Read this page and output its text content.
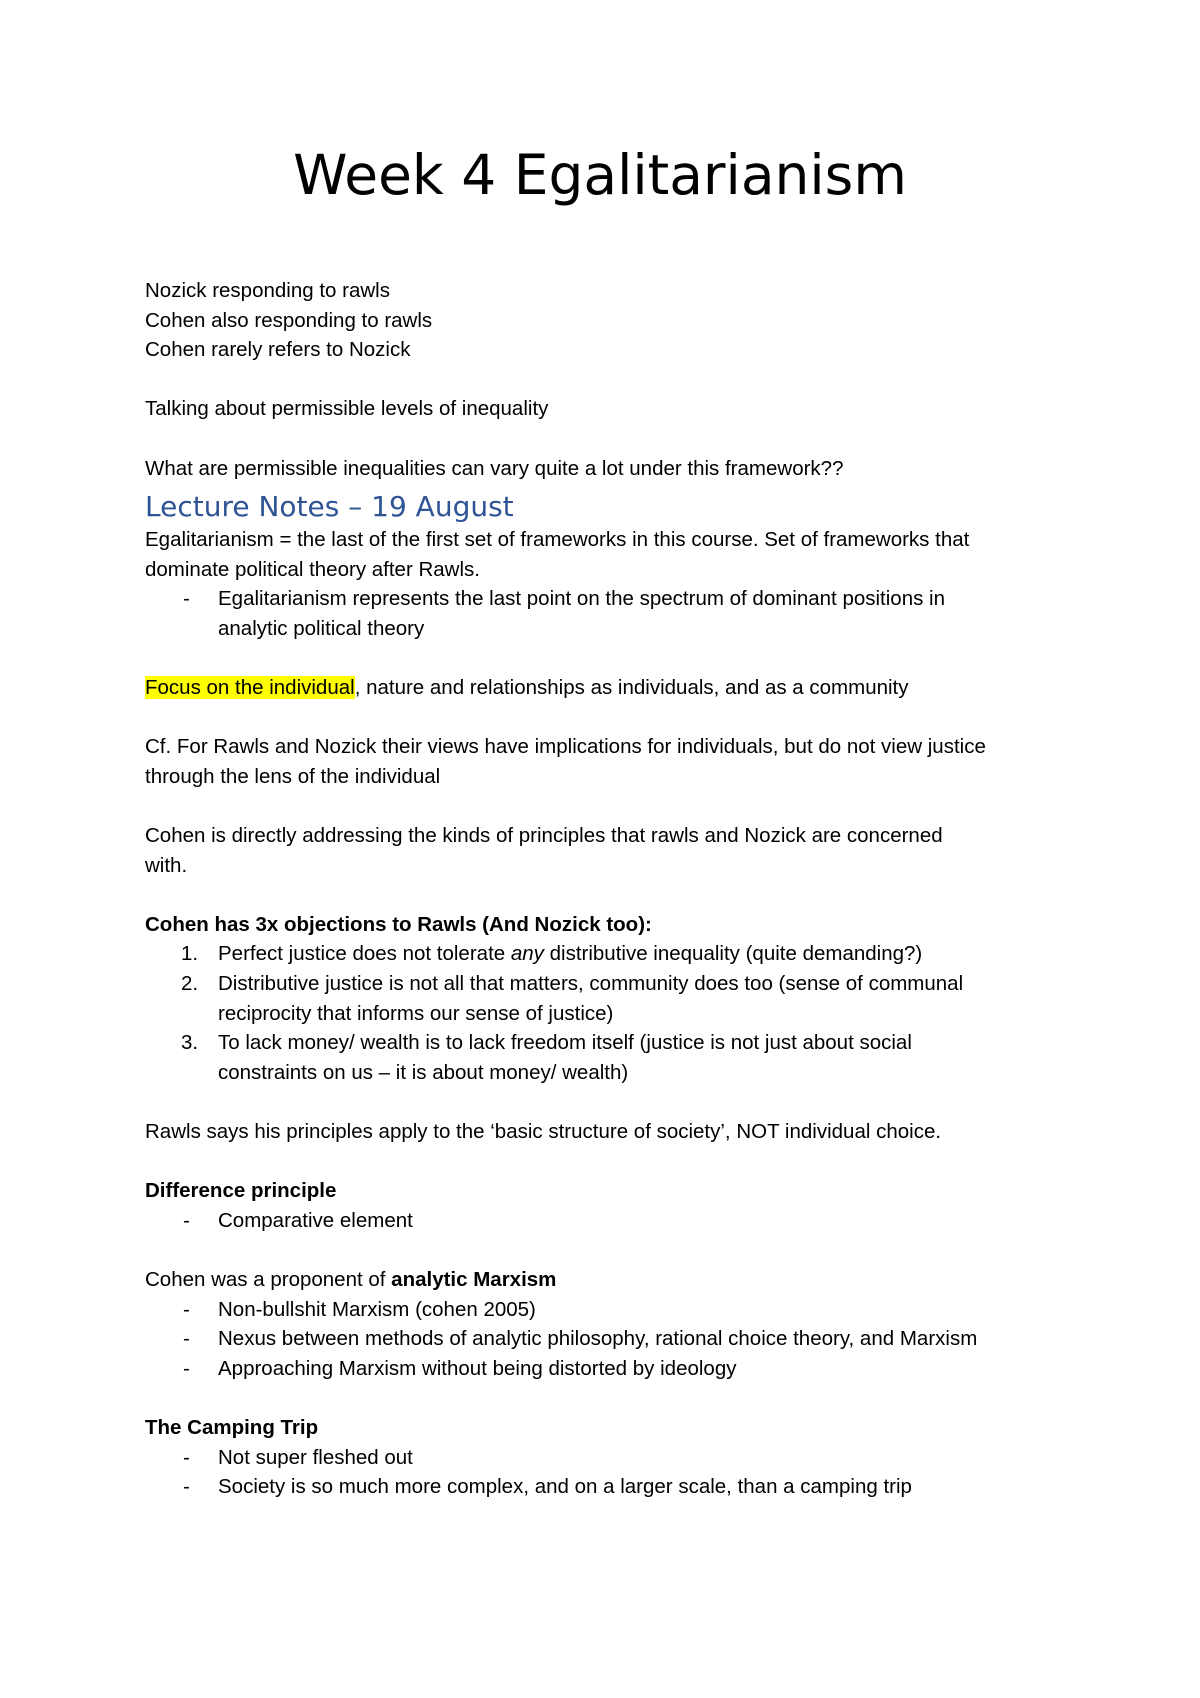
Week 4 Egalitarianism
Nozick responding to rawls
Cohen also responding to rawls
Cohen rarely refers to Nozick
Talking about permissible levels of inequality
What are permissible inequalities can vary quite a lot under this framework??
Lecture Notes – 19 August
Egalitarianism = the last of the first set of frameworks in this course. Set of frameworks that
dominate political theory after Rawls.
- Egalitarianism represents the last point on the spectrum of dominant positions in
analytic political theory
Focus on the individual, nature and relationships as individuals, and as a community
Cf. For Rawls and Nozick their views have implications for individuals, but do not view justice
through the lens of the individual
Cohen is directly addressing the kinds of principles that rawls and Nozick are concerned
with.
Cohen has 3x objections to Rawls (And Nozick too):
1. Perfect justice does not tolerate any distributive inequality (quite demanding?)
2. Distributive justice is not all that matters, community does too (sense of communal
reciprocity that informs our sense of justice)
3. To lack money/ wealth is to lack freedom itself (justice is not just about social
constraints on us – it is about money/ wealth)
Rawls says his principles apply to the ‘basic structure of society’, NOT individual choice.
Difference principle
- Comparative element
Cohen was a proponent of analytic Marxism
- Non-bullshit Marxism (cohen 2005)
- Nexus between methods of analytic philosophy, rational choice theory, and Marxism
- Approaching Marxism without being distorted by ideology
The Camping Trip
- Not super fleshed out
- Society is so much more complex, and on a larger scale, than a camping trip
